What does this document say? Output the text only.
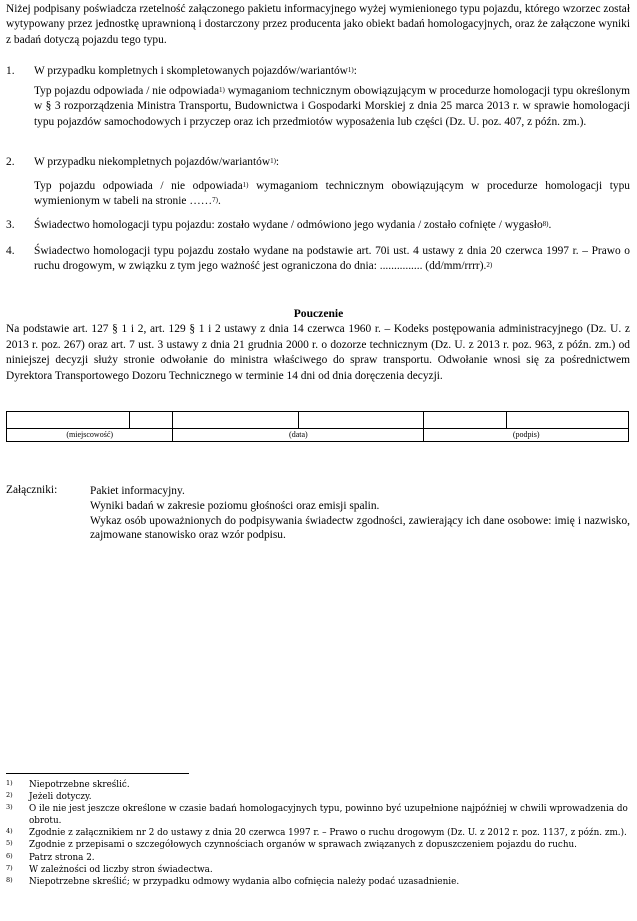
Niżej podpisany poświadcza rzetelność załączonego pakietu informacyjnego wyżej wymienionego typu pojazdu, którego wzorzec został wytypowany przez jednostkę uprawnioną i dostarczony przez producenta jako obiekt badań homologacyjnych, oraz że załączone wyniki z badań dotyczą pojazdu tego typu.
1. W przypadku kompletnych i skompletowanych pojazdów/wariantów$^{1)}$:
Typ pojazdu odpowiada / nie odpowiada$^{1)}$ wymaganiom technicznym obowiązującym w procedurze homologacji typu określonym w § 3 rozporządzenia Ministra Transportu, Budownictwa i Gospodarki Morskiej z dnia 25 marca 2013 r. w sprawie homologacji typu pojazdów samochodowych i przyczep oraz ich przedmiotów wyposażenia lub części (Dz. U. poz. 407, z późn. zm.).
2. W przypadku niekompletnych pojazdów/wariantów$^{1)}$:
Typ pojazdu odpowiada / nie odpowiada$^{1)}$ wymaganiom technicznym obowiązującym w procedurze homologacji typu wymienionym w tabeli na stronie ……$^{7)}$.
3. Świadectwo homologacji typu pojazdu: zostało wydane / odmówiono jego wydania / zostało cofnięte / wygasło$^{8)}$.
4. Świadectwo homologacji typu pojazdu zostało wydane na podstawie art. 70i ust. 4 ustawy z dnia 20 czerwca 1997 r. – Prawo o ruchu drogowym, w związku z tym jego ważność jest ograniczona do dnia: ............... (dd/mm/rrrr).$^{2)}$
Pouczenie
Na podstawie art. 127 § 1 i 2, art. 129 § 1 i 2 ustawy z dnia 14 czerwca 1960 r. – Kodeks postępowania administracyjnego (Dz. U. z 2013 r. poz. 267) oraz art. 7 ust. 3 ustawy z dnia 21 grudnia 2000 r. o dozorze technicznym (Dz. U. z 2013 r. poz. 963, z późn. zm.) od niniejszej decyzji służy stronie odwołanie do ministra właściwego do spraw transportu. Odwołanie wnosi się za pośrednictwem Dyrektora Transportowego Dozoru Technicznego w terminie 14 dni od dnia doręczenia decyzji.

(miejscowość)		(data)		(podpis)	
Załączniki:	Pakiet informacyjny.
Wyniki badań w zakresie poziomu głośności oraz emisji spalin.
Wykaz osób upoważnionych do podpisywania świadectw zgodności, zawierający ich dane osobowe: imię i nazwisko, zajmowane stanowisko oraz wzór podpisu.
1) Niepotrzebne skreślić.
2) Jeżeli dotyczy.
3) O ile nie jest jeszcze określone w czasie badań homologacyjnych typu, powinno być uzupełnione najpóźniej w chwili wprowadzenia do obrotu.
4) Zgodnie z załącznikiem nr 2 do ustawy z dnia 20 czerwca 1997 r. – Prawo o ruchu drogowym (Dz. U. z 2012 r. poz. 1137, z późn. zm.).
5) Zgodnie z przepisami o szczegółowych czynnościach organów w sprawach związanych z dopuszczeniem pojazdu do ruchu.
6) Patrz strona 2.
7) W zależności od liczby stron świadectwa.
8) Niepotrzebne skreślić; w przypadku odmowy wydania albo cofnięcia należy podać uzasadnienie.
